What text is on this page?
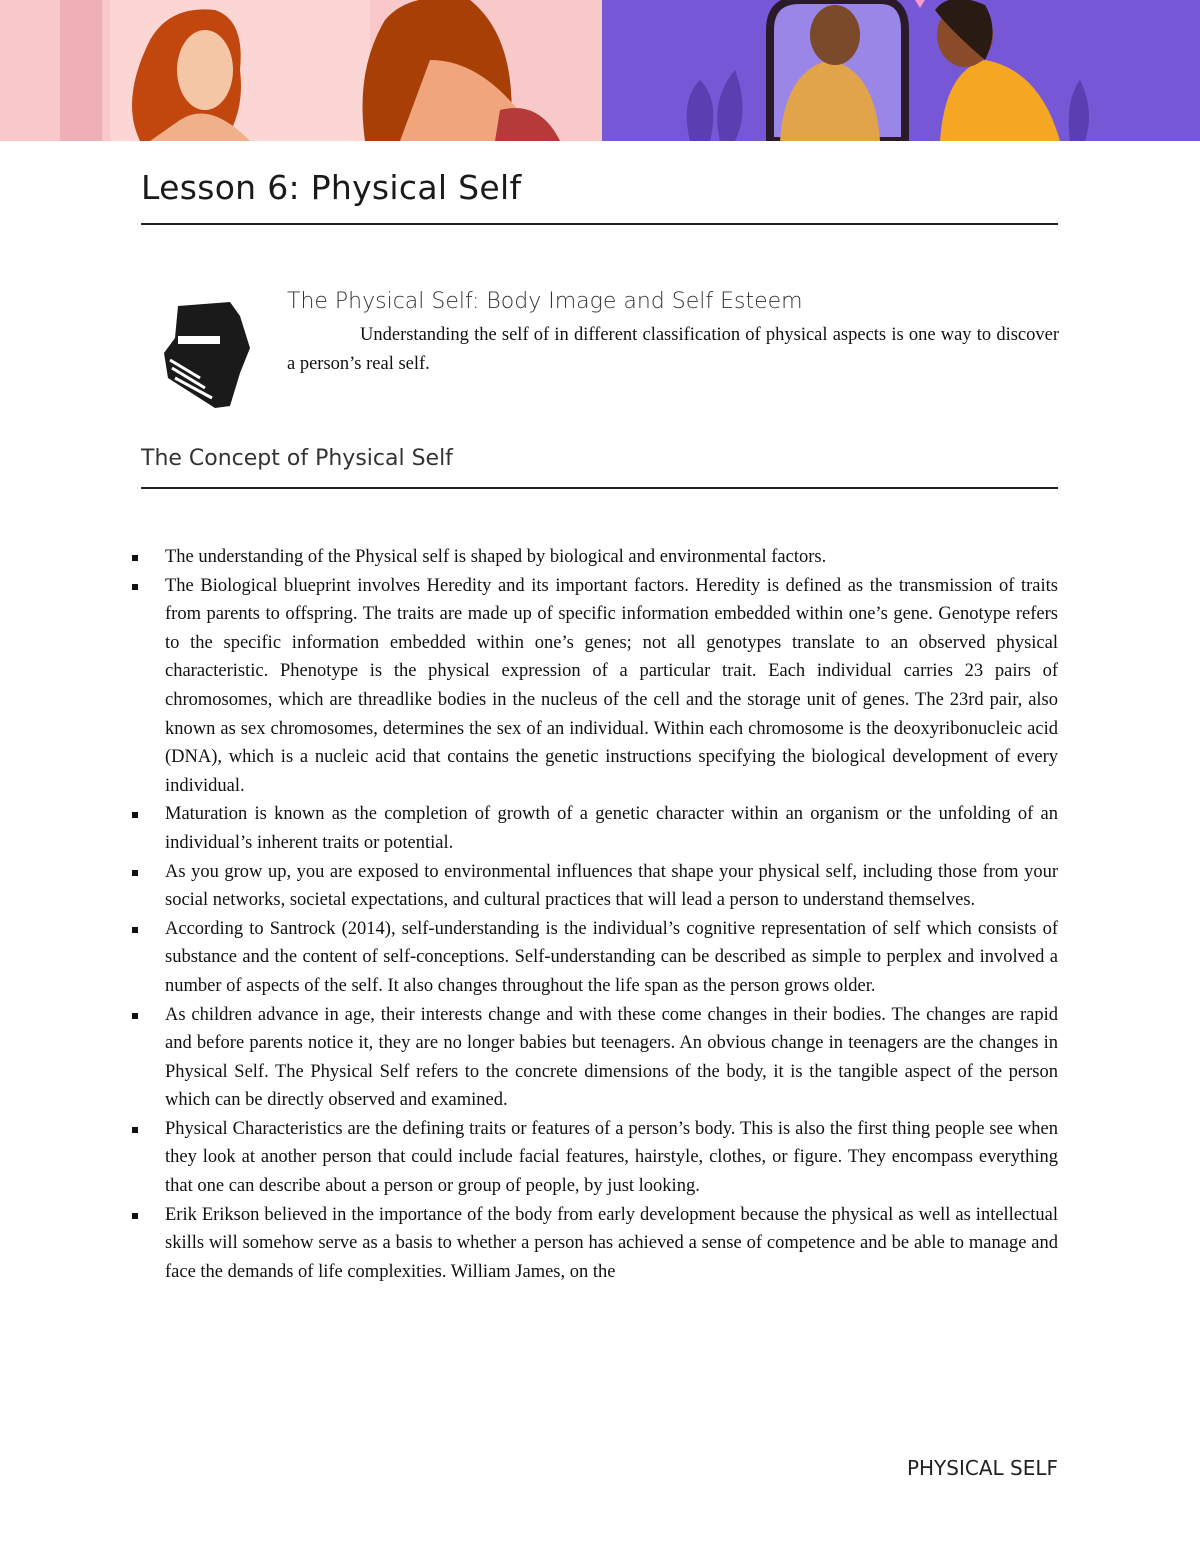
Lesson 6: Physical Self
The Physical Self: Body Image and Self Esteem
Understanding the self of in different classification of physical aspects is one way to discover a person’s real self.
The Concept of Physical Self
The understanding of the Physical self is shaped by biological and environmental factors.
The Biological blueprint involves Heredity and its important factors. Heredity is defined as the transmission of traits from parents to offspring. The traits are made up of specific information embedded within one’s gene. Genotype refers to the specific information embedded within one’s genes; not all genotypes translate to an observed physical characteristic. Phenotype is the physical expression of a particular trait. Each individual carries 23 pairs of chromosomes, which are threadlike bodies in the nucleus of the cell and the storage unit of genes. The 23rd pair, also known as sex chromosomes, determines the sex of an individual. Within each chromosome is the deoxyribonucleic acid (DNA), which is a nucleic acid that contains the genetic instructions specifying the biological development of every individual.
Maturation is known as the completion of growth of a genetic character within an organism or the unfolding of an individual’s inherent traits or potential.
As you grow up, you are exposed to environmental influences that shape your physical self, including those from your social networks, societal expectations, and cultural practices that will lead a person to understand themselves.
According to Santrock (2014), self-understanding is the individual’s cognitive representation of self which consists of substance and the content of self-conceptions. Self-understanding can be described as simple to perplex and involved a number of aspects of the self. It also changes throughout the life span as the person grows older.
As children advance in age, their interests change and with these come changes in their bodies. The changes are rapid and before parents notice it, they are no longer babies but teenagers. An obvious change in teenagers are the changes in Physical Self. The Physical Self refers to the concrete dimensions of the body, it is the tangible aspect of the person which can be directly observed and examined.
Physical Characteristics are the defining traits or features of a person’s body. This is also the first thing people see when they look at another person that could include facial features, hairstyle, clothes, or figure. They encompass everything that one can describe about a person or group of people, by just looking.
Erik Erikson believed in the importance of the body from early development because the physical as well as intellectual skills will somehow serve as a basis to whether a person has achieved a sense of competence and be able to manage and face the demands of life complexities. William James, on the
PHYSICAL SELF
